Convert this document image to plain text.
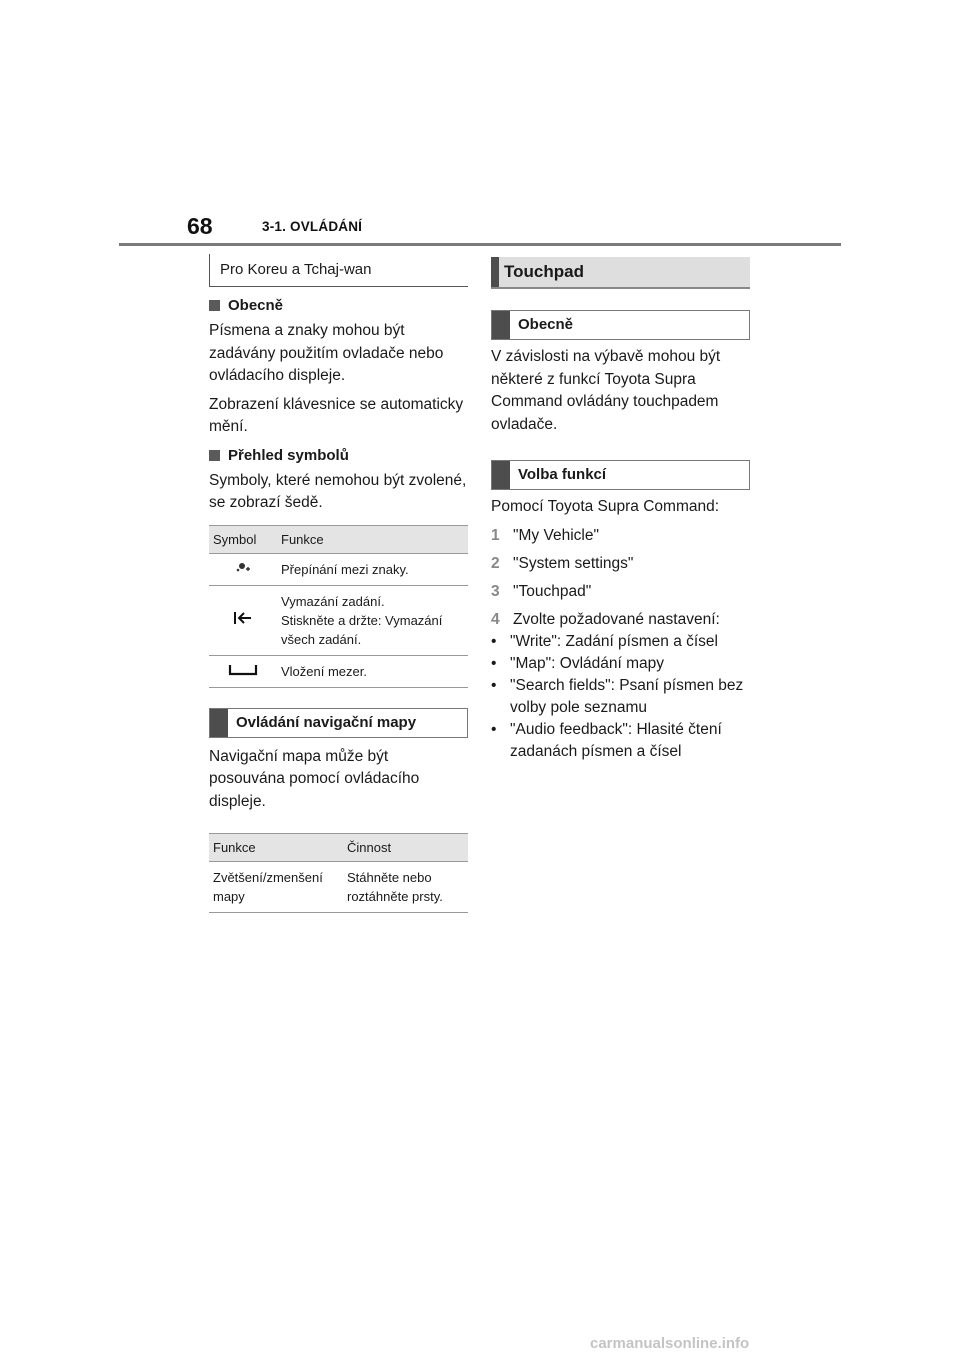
68	3-1. OVLÁDÁNÍ
Pro Koreu a Tchaj-wan
Obecně
Písmena a znaky mohou být zadávány použitím ovladače nebo ovládacího displeje.
Zobrazení klávesnice se automaticky mění.
Přehled symbolů
Symboly, které nemohou být zvolené, se zobrazí šedě.
Symbol	Funkce
	Přepínání mezi znaky.
	Vymazání zadání.
Stiskněte a držte: Vymazání všech zadání.
	Vložení mezer.
Ovládání navigační mapy
Navigační mapa může být posouvána pomocí ovládacího displeje.
Funkce	Činnost
Zvětšení/zmenšení mapy	Stáhněte nebo roztáhněte prsty.
Touchpad
Obecně
V závislosti na výbavě mohou být některé z funkcí Toyota Supra Command ovládány touchpadem ovladače.
Volba funkcí
Pomocí Toyota Supra Command:
1 "My Vehicle"
2 "System settings"
3 "Touchpad"
4 Zvolte požadované nastavení:
• "Write": Zadání písmen a čísel
• "Map": Ovládání mapy
• "Search fields": Psaní písmen bez volby pole seznamu
• "Audio feedback": Hlasité čtení zadanách písmen a čísel
carmanualsonline.info
